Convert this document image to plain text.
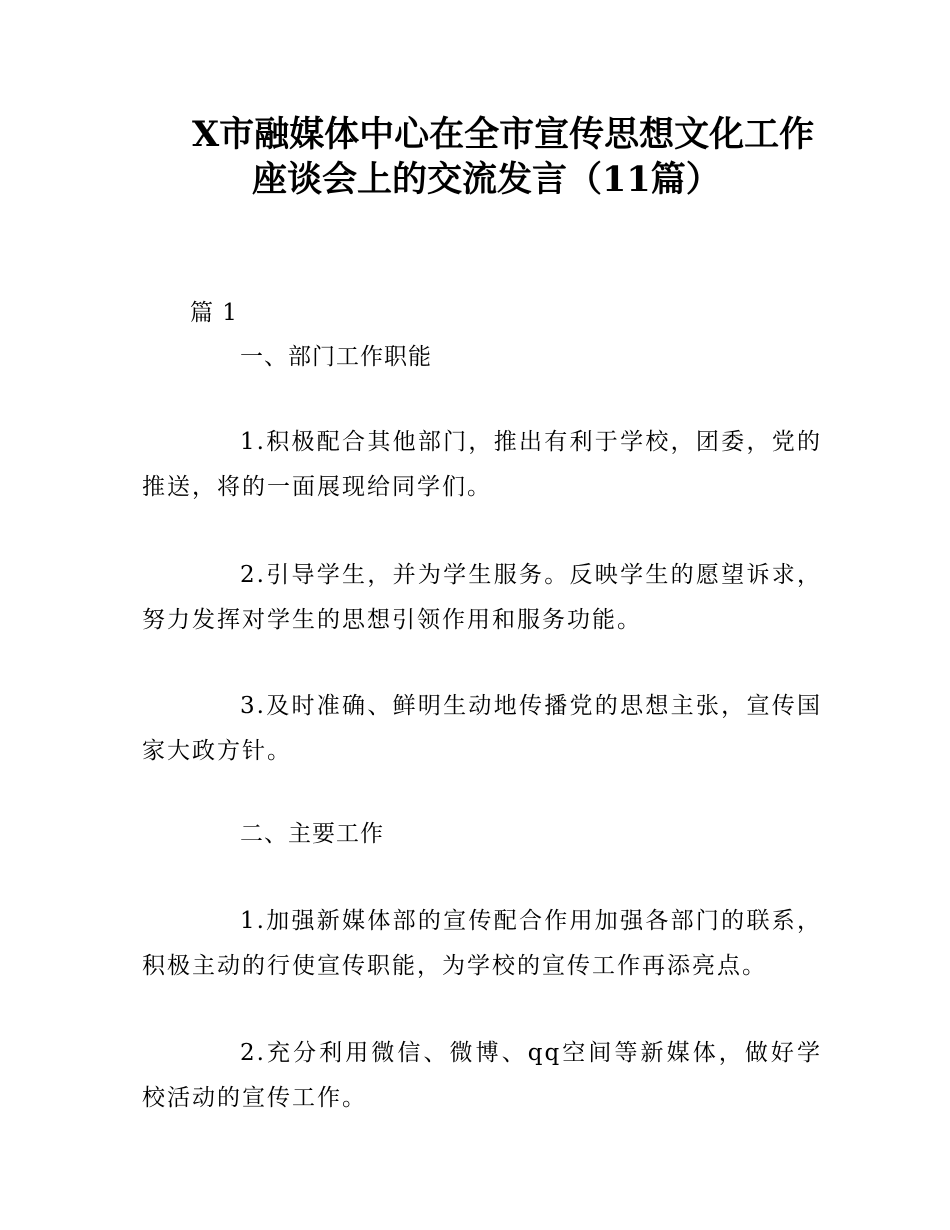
X市融媒体中心在全市宣传思想文化工作
座谈会上的交流发言（11篇）

篇 1

一、部门工作职能

1.积极配合其他部门，推出有利于学校，团委，党的推送，将的一面展现给同学们。

2.引导学生，并为学生服务。反映学生的愿望诉求，努力发挥对学生的思想引领作用和服务功能。

3.及时准确、鲜明生动地传播党的思想主张，宣传国家大政方针。

二、主要工作

1.加强新媒体部的宣传配合作用加强各部门的联系，积极主动的行使宣传职能，为学校的宣传工作再添亮点。

2.充分利用微信、微博、qq空间等新媒体，做好学校活动的宣传工作。
